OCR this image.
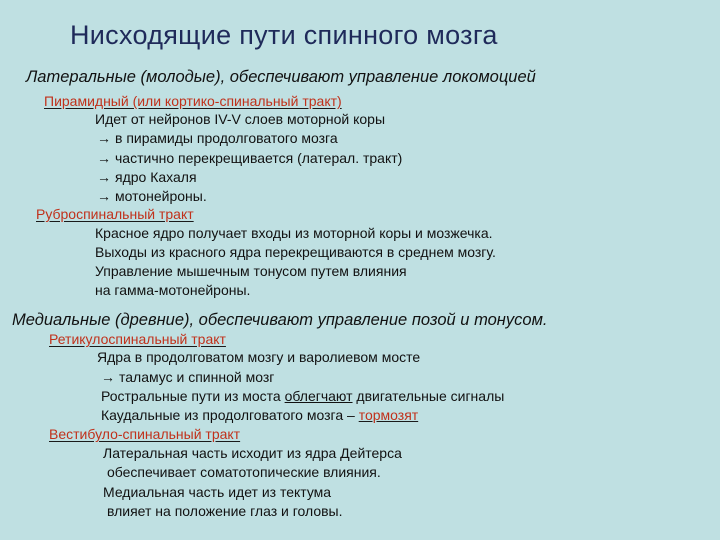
Нисходящие пути спинного мозга
Латеральные (молодые), обеспечивают управление локомоцией
Пирамидный (или кортико-спинальный тракт)
Идет от нейронов IV-V слоев моторной коры
→ в пирамиды продолговатого мозга
→ частично перекрещивается (латерал. тракт)
→ ядро Кахаля
→ мотонейроны.
Руброспинальный тракт
Красное ядро получает входы из моторной коры и мозжечка.
Выходы из красного ядра перекрещиваются в среднем мозгу.
Управление мышечным тонусом путем влияния
на гамма-мотонейроны.
Медиальные (древние), обеспечивают управление позой и тонусом.
Ретикулоспинальный тракт
Ядра в продолговатом мозгу и варолиевом мосте
→ таламус и спинной мозг
Ростральные пути из моста облегчают двигательные сигналы
Каудальные из продолговатого мозга – тормозят
Вестибуло-спинальный тракт
Латеральная часть исходит из ядра Дейтерса
обеспечивает соматотопические влияния.
Медиальная часть идет из тектума
влияет на положение глаз и головы.
